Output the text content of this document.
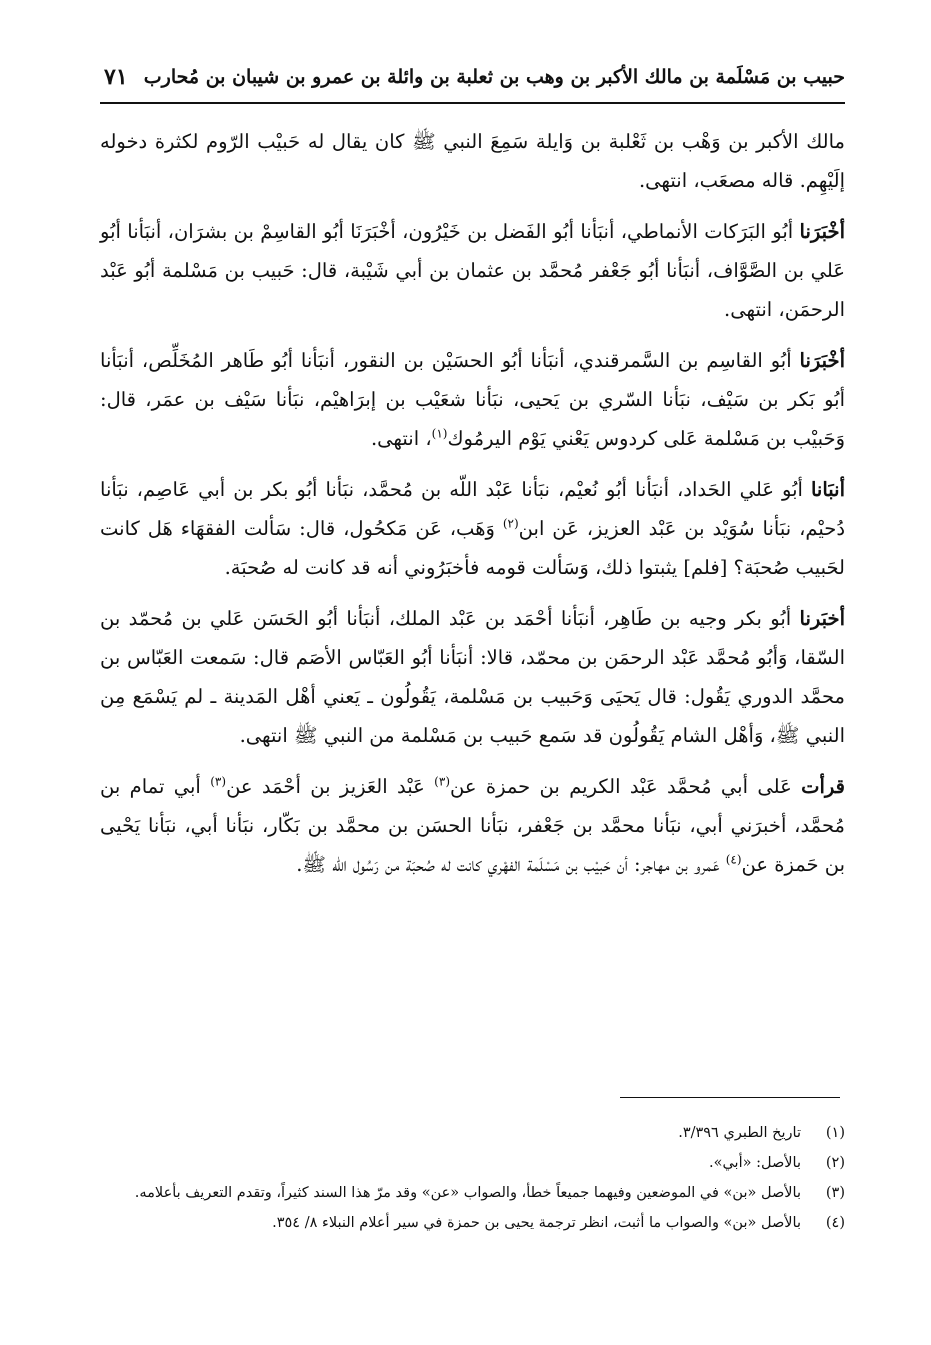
حبيب بن مَسْلَمة بن مالك الأكبر بن وهب بن ثعلبة بن وائلة بن عمرو بن شيبان بن مُحارب
٧١

مالك الأكبر بن وَهْب بن ثَعْلبة بن وَايلة سَمِعَ النبي ﷺ كان يقال له حَبيْب الرّوم لكثرة دخوله إلَيْهِم. قاله مصعَب، انتهى.

أخْبَرَنا أبُو البَرَكات الأنماطي، أنبَأنا أبُو الفَضل بن خَيْرُون، أخْبَرَنَا أبُو القاسِمْ بن بشرَان، أنبَأنا أبُو عَلي بن الصَّوَّاف، أنبَأنا أبُو جَعْفر مُحمَّد بن عثمان بن أبي شَيْبة، قال: حَبيب بن مَسْلمة أبُو عَبْد الرحمَن، انتهى.

أخْبَرَنا أبُو القاسِم بن السَّمرقندي، أنبَأنا أبُو الحسَيْن بن النقور، أنبَأنا أبُو طَاهر المُخَلِّص، أنبَأنا أبُو بَكر بن سَيْف، نبَأنا السّري بن يَحيى، نبَأنا شعَيْب بن إبرَاهيْم، نبَأنا سَيْف بن عمَر، قال: وَحَبيْب بن مَسْلمة عَلى كردوس يَعْني يَوْم اليرمُوك$^{(١)}$، انتهى.

أنبَانا أبُو عَلي الحَداد، أنبَأنا أبُو نُعيْم، نبَأنا عَبْد اللّه بن مُحمَّد، نبَأنا أبُو بكر بن أبي عَاصِم، نبَأنا دُحيْم، نبَأنا سُوَيْد بن عَبْد العزيز، عَن ابن$^{(٢)}$ وَهَب، عَن مَكحُول، قال: سَألت الفقهَاء هَل كانت لحَبيب صُحبَة؟ [فلم] يثبتوا ذلك، وَسَألت قومه فأخبَرُوني أنه قد كانت له صُحبَة.

أخبَرنا أبُو بكر وجيه بن طَاهِر، أنبَأنا أحْمَد بن عَبْد الملك، أنبَأنا أبُو الحَسَن عَلي بن مُحمّد بن السّقا، وَأبُو مُحمَّد عَبْد الرحمَن بن محمّد، قالا: أنبَأنا أبُو العَبّاس الأصَم قال: سَمعت العَبّاس بن محمَّد الدوري يَقُول: قال يَحيَى وَحَبيب بن مَسْلمة، يَقُولُون ـ يَعني أهْل المَدينة ـ لم يَسْمَع مِن النبي ﷺ، وَأهْل الشام يَقُولُون قد سَمع حَبيب بن مَسْلمة من النبي ﷺ انتهى.

قرأت عَلى أبي مُحمَّد عَبْد الكريم بن حمزة عن$^{(٣)}$ عَبْد العَزيز بن أحْمَد عن$^{(٣)}$ أبي تمام بن مُحمَّد، أخبرَني أبي، نبَأنا محمَّد بن جَعْفر، نبَأنا الحسَن بن محمَّد بن بَكّار، نبَأنا أبي، نبَأنا يَحْيى بن حَمزة عن$^{(٤)}$ عَمرو بن مهاجر: أن حَبيْب بن مَسْلَمة الفهْري كانت له صُحبَة من رَسُول الله ﷺ.

(١)
تاريخ الطبري ٣/٣٩٦.
(٢)
بالأصل: «أبي».
(٣)
بالأصل «بن» في الموضعين وفيهما جميعاً خطأ، والصواب «عن» وقد مرّ هذا السند كثيراً، وتقدم التعريف بأعلامه.
(٤)
بالأصل «بن» والصواب ما أثبت، انظر ترجمة يحيى بن حمزة في سير أعلام النبلاء ٨/ ٣٥٤.
